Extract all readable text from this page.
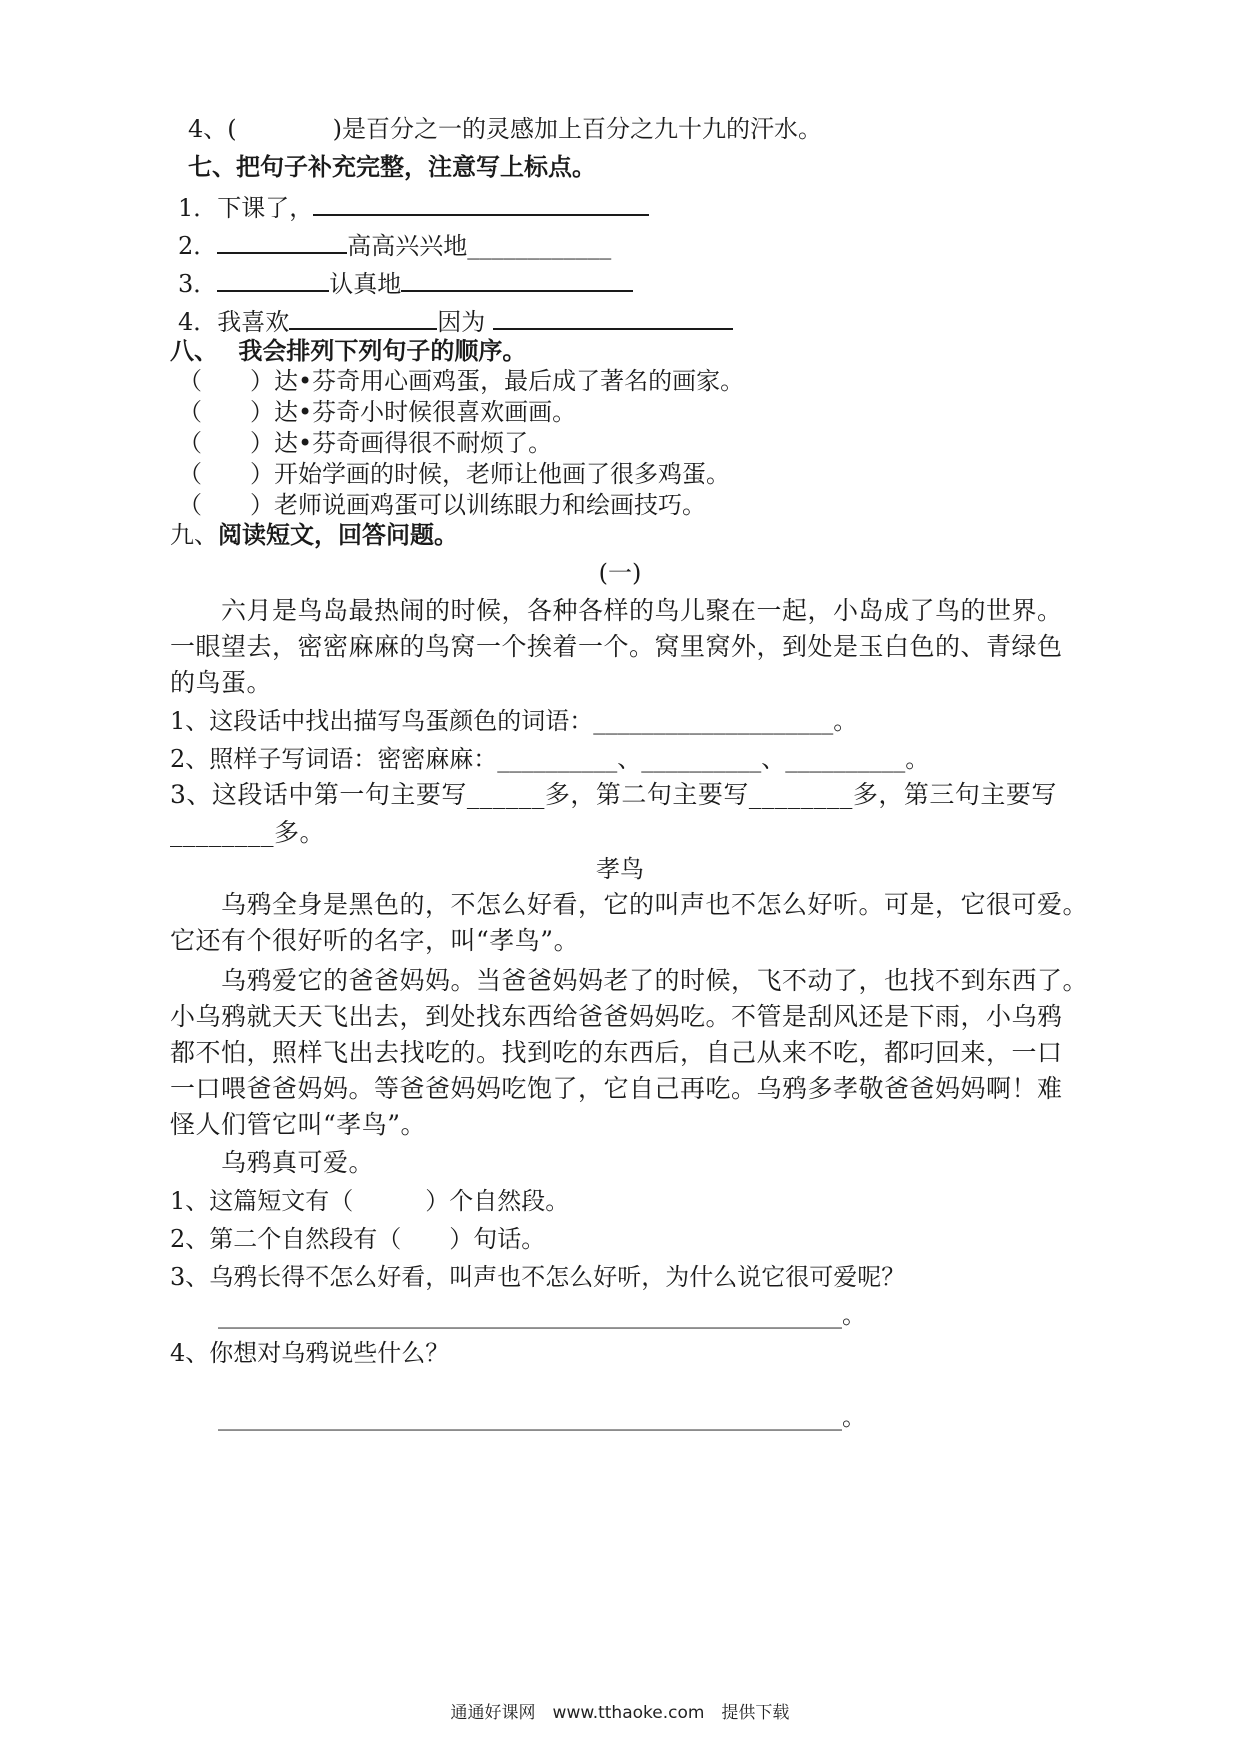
4、(　　　　)是百分之一的灵感加上百分之九十九的汗水。
七、把句子补充完整，注意写上标点。
1．下课了，
2．	高高兴兴地____________
3．	认真地
4．我喜欢	因为
八、　 我会排列下列句子的顺序。
（　　）达•芬奇用心画鸡蛋，最后成了著名的画家。
（　　）达•芬奇小时候很喜欢画画。
（　　）达•芬奇画得很不耐烦了。
（　　）开始学画的时候，老师让他画了很多鸡蛋。
（　　）老师说画鸡蛋可以训练眼力和绘画技巧。
九、阅读短文，回答问题。
(一)
　　六月是鸟岛最热闹的时候，各种各样的鸟儿聚在一起，小岛成了鸟的世界。
一眼望去，密密麻麻的鸟窝一个挨着一个。窝里窝外，到处是玉白色的、青绿色
的鸟蛋。
1、这段话中找出描写鸟蛋颜色的词语：____________________。
2、照样子写词语：密密麻麻：__________、__________、__________。
3、这段话中第一句主要写______多，第二句主要写________多，第三句主要写
________多。
孝鸟
　　乌鸦全身是黑色的，不怎么好看，它的叫声也不怎么好听。可是，它很可爱。
它还有个很好听的名字，叫“孝鸟”。
　　乌鸦爱它的爸爸妈妈。当爸爸妈妈老了的时候，飞不动了，也找不到东西了。
小乌鸦就天天飞出去，到处找东西给爸爸妈妈吃。不管是刮风还是下雨，小乌鸦
都不怕，照样飞出去找吃的。找到吃的东西后，自己从来不吃，都叼回来，一口
一口喂爸爸妈妈。等爸爸妈妈吃饱了，它自己再吃。乌鸦多孝敬爸爸妈妈啊！难
怪人们管它叫“孝鸟”。
　　乌鸦真可爱。
1、这篇短文有（　　　）个自然段。
2、第二个自然段有（　　）句话。
3、乌鸦长得不怎么好看，叫声也不怎么好听，为什么说它很可爱呢？
　　____________________________________________________。
4、你想对乌鸦说些什么？
　　____________________________________________________。
通通好课网　www.tthaoke.com　提供下载
